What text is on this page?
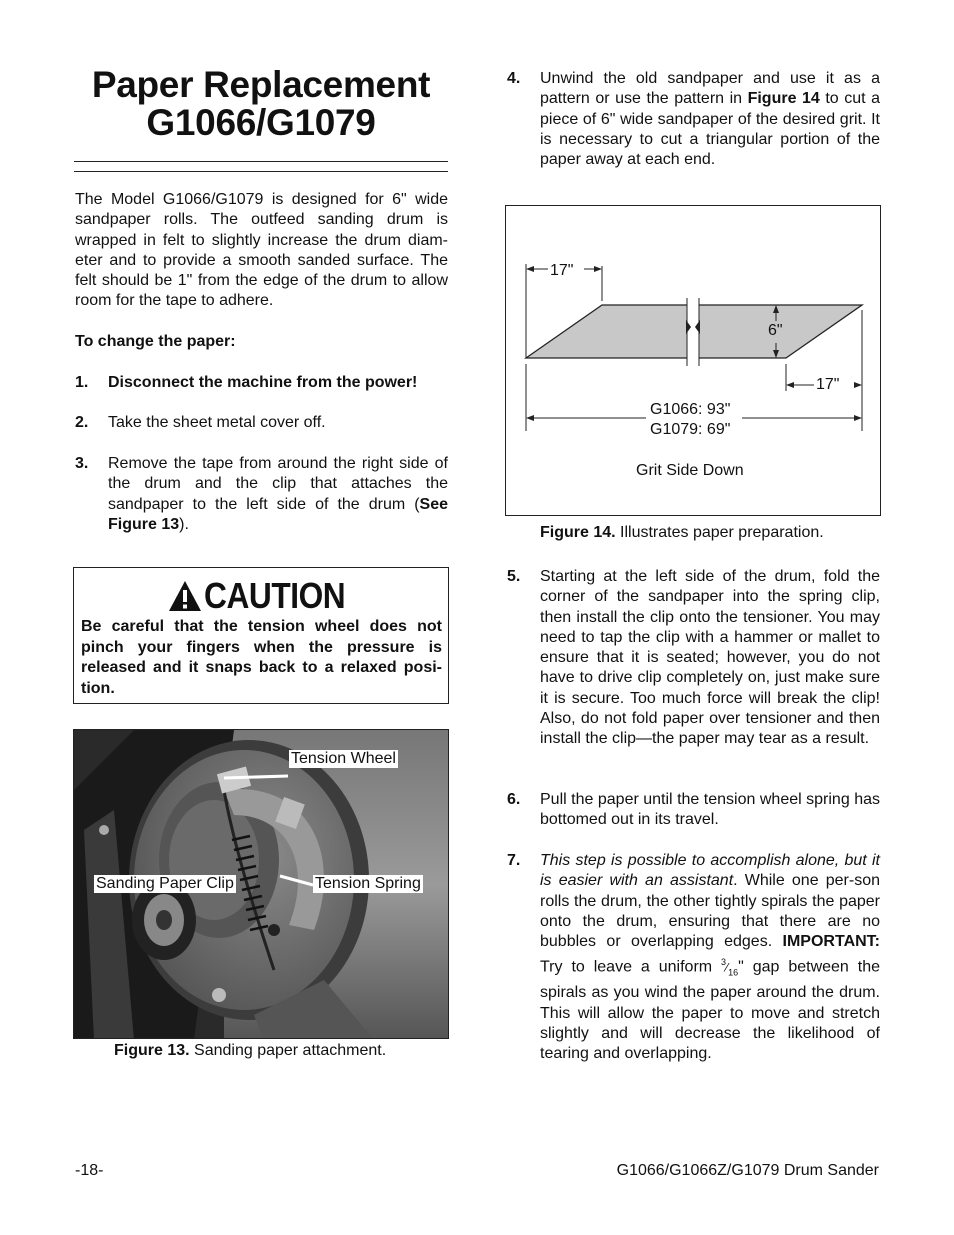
Paper Replacement
G1066/G1079
The Model G1066/G1079 is designed for 6" wide sandpaper rolls. The outfeed sanding drum is wrapped in felt to slightly increase the drum diam-eter and to provide a smooth sanded surface. The felt should be 1" from the edge of the drum to allow room for the tape to adhere.
To change the paper:
1. Disconnect the machine from the power!
2. Take the sheet metal cover off.
3. Remove the tape from around the right side of the drum and the clip that attaches the sandpaper to the left side of the drum (See Figure 13).
CAUTION
Be careful that the tension wheel does not pinch your fingers when the pressure is released and it snaps back to a relaxed posi-tion.
Tension Wheel
Sanding Paper Clip	Tension Spring
Figure 13. Sanding paper attachment.
4. Unwind the old sandpaper and use it as a pattern or use the pattern in Figure 14 to cut a piece of 6" wide sandpaper of the desired grit. It is necessary to cut a triangular portion of the paper away at each end.
17"
6"
17"
G1066: 93"
G1079: 69"
Grit Side Down
Figure 14. Illustrates paper preparation.
5. Starting at the left side of the drum, fold the corner of the sandpaper into the spring clip, then install the clip onto the tensioner. You may need to tap the clip with a hammer or mallet to ensure that it is seated; however, you do not have to drive clip completely on, just make sure it is secure. Too much force will break the clip! Also, do not fold paper over tensioner and then install the clip—the paper may tear as a result.
6. Pull the paper until the tension wheel spring has bottomed out in its travel.
7. This step is possible to accomplish alone, but it is easier with an assistant. While one per-son rolls the drum, the other tightly spirals the paper onto the drum, ensuring that there are no bubbles or overlapping edges. IMPORTANT: Try to leave a uniform $^3⁄_{16}$" gap between the spirals as you wind the paper around the drum. This will allow the paper to move and stretch slightly and will decrease the likelihood of tearing and overlapping.
-18-	G1066/G1066Z/G1079 Drum Sander
